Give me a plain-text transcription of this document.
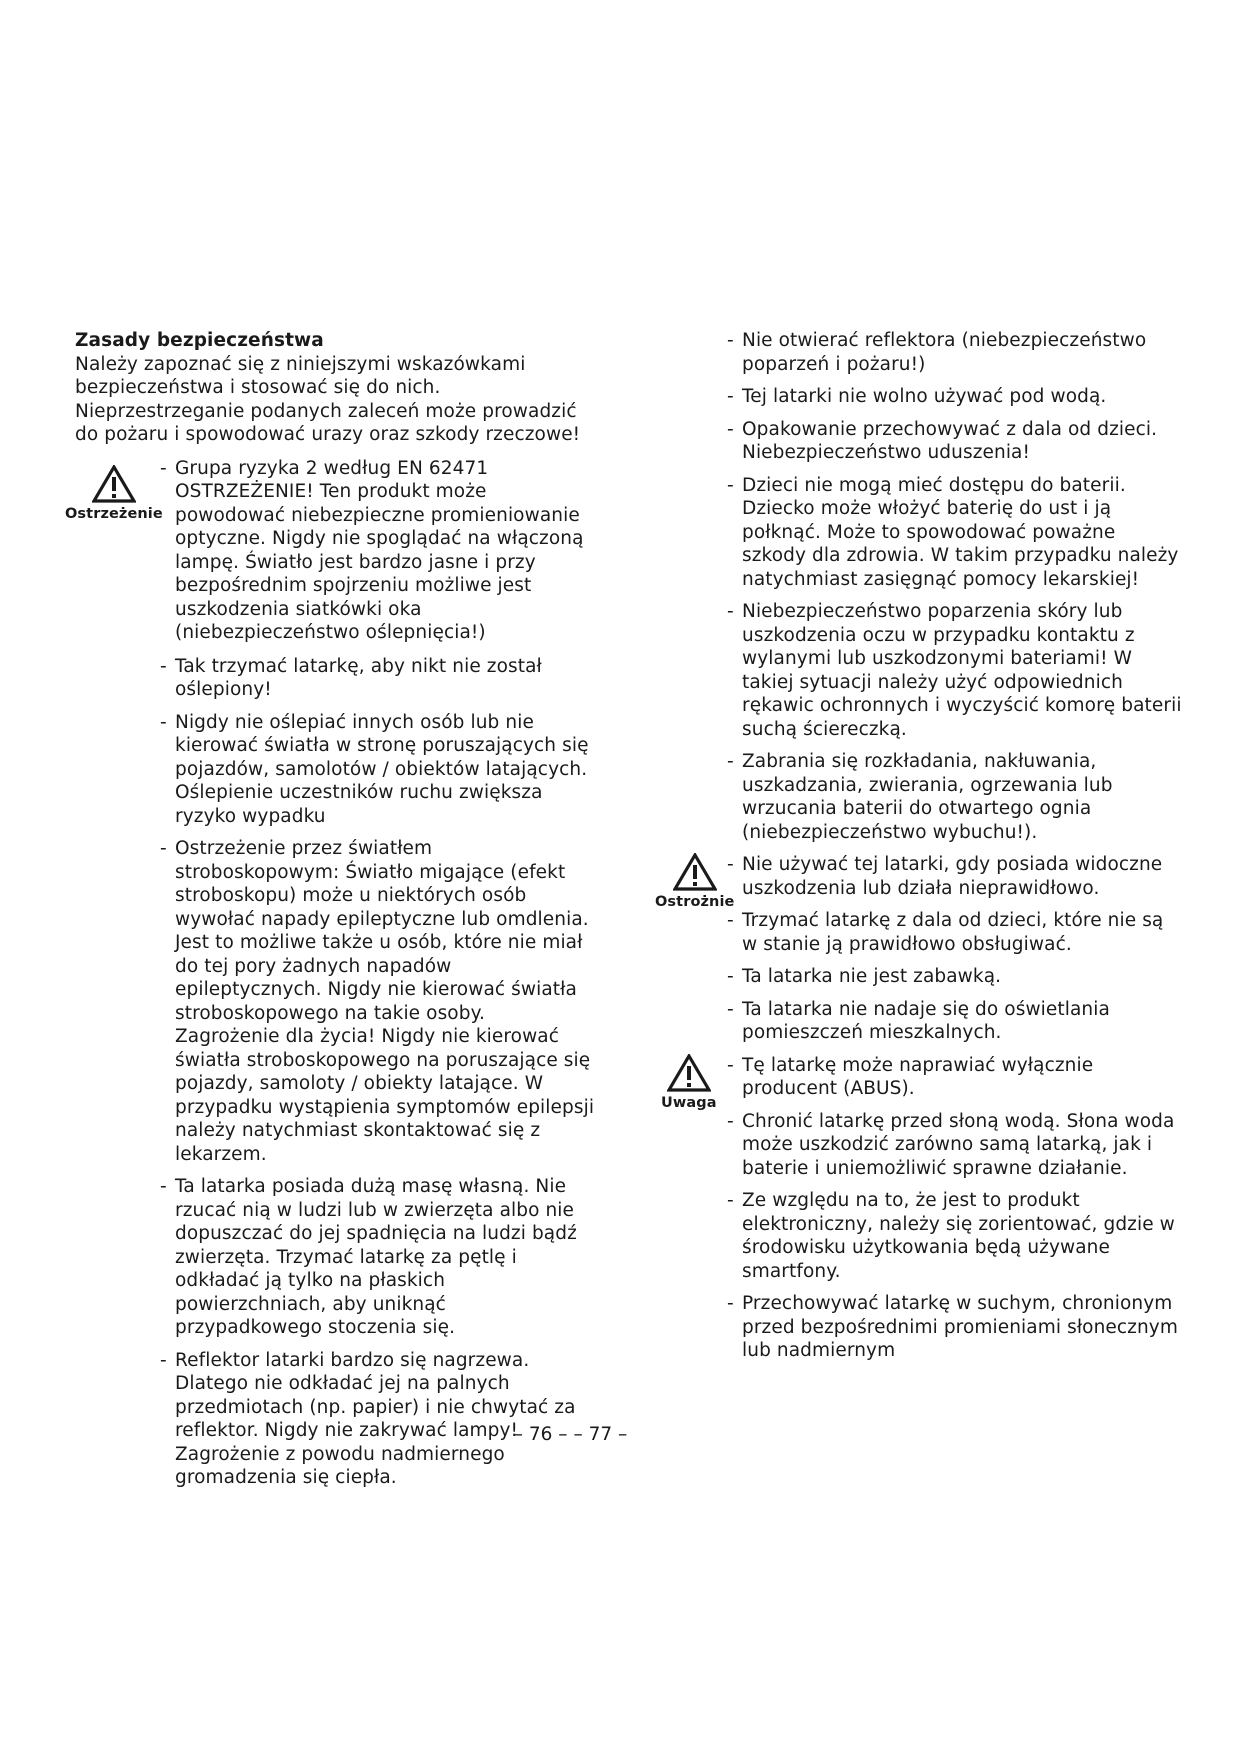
Zasady bezpieczeństwa

Należy zapoznać się z niniejszymi wskazówkami bezpieczeństwa i stosować się do nich. Nieprzestrzeganie podanych zaleceń może prowadzić do pożaru i spowodować urazy oraz szkody rzeczowe!

Ostrzeżenie

- Grupa ryzyka 2 według EN 62471 OSTRZEŻENIE! Ten produkt może powodować niebezpieczne promieniowanie optyczne. Nigdy nie spoglądać na włączoną lampę. Światło jest bardzo jasne i przy bezpośrednim spojrzeniu możliwe jest uszkodzenia siatkówki oka (niebezpieczeństwo oślepnięcia!)

- Tak trzymać latarkę, aby nikt nie został oślepiony!

- Nigdy nie oślepiać innych osób lub nie kierować światła w stronę poruszających się pojazdów, samolotów / obiektów latających. Oślepienie uczestników ruchu zwiększa ryzyko wypadku

- Ostrzeżenie przez światłem stroboskopowym: Światło migające (efekt stroboskopu) może u niektórych osób wywołać napady epileptyczne lub omdlenia. Jest to możliwe także u osób, które nie miał do tej pory żadnych napadów epileptycznych. Nigdy nie kierować światła stroboskopowego na takie osoby. Zagrożenie dla życia! Nigdy nie kierować światła stroboskopowego na poruszające się pojazdy, samoloty / obiekty latające. W przypadku wystąpienia symptomów epilepsji należy natychmiast skontaktować się z lekarzem.

- Ta latarka posiada dużą masę własną. Nie rzucać nią w ludzi lub w zwierzęta albo nie dopuszczać do jej spadnięcia na ludzi bądź zwierzęta. Trzymać latarkę za pętlę i odkładać ją tylko na płaskich powierzchniach, aby uniknąć przypadkowego stoczenia się.

- Reflektor latarki bardzo się nagrzewa. Dlatego nie odkładać jej na palnych przedmiotach (np. papier) i nie chwytać za reflektor. Nigdy nie zakrywać lampy! Zagrożenie z powodu nadmiernego gromadzenia się ciepła.

- Nie otwierać reflektora (niebezpieczeństwo poparzeń i pożaru!)

- Tej latarki nie wolno używać pod wodą.

- Opakowanie przechowywać z dala od dzieci. Niebezpieczeństwo uduszenia!

- Dzieci nie mogą mieć dostępu do baterii. Dziecko może włożyć baterię do ust i ją połknąć. Może to spowodować poważne szkody dla zdrowia. W takim przypadku należy natychmiast zasięgnąć pomocy lekarskiej!

- Niebezpieczeństwo poparzenia skóry lub uszkodzenia oczu w przypadku kontaktu z wylanymi lub uszkodzonymi bateriami! W takiej sytuacji należy użyć odpowiednich rękawic ochronnych i wyczyścić komorę baterii suchą ściereczką.

- Zabrania się rozkładania, nakłuwania, uszkadzania, zwierania, ogrzewania lub wrzucania baterii do otwartego ognia (niebezpieczeństwo wybuchu!).

Ostrożnie

- Nie używać tej latarki, gdy posiada widoczne uszkodzenia lub działa nieprawidłowo.

- Trzymać latarkę z dala od dzieci, które nie są w stanie ją prawidłowo obsługiwać.

- Ta latarka nie jest zabawką.

- Ta latarka nie nadaje się do oświetlania pomieszczeń mieszkalnych.

Uwaga

- Tę latarkę może naprawiać wyłącznie producent (ABUS).

- Chronić latarkę przed słoną wodą. Słona woda może uszkodzić zarówno samą latarką, jak i baterie i uniemożliwić sprawne działanie.

- Ze względu na to, że jest to produkt elektroniczny, należy się zorientować, gdzie w środowisku użytkowania będą używane smartfony.

- Przechowywać latarkę w suchym, chronionym przed bezpośrednimi promieniami słonecznym lub nadmiernym

– 76 – – 77 –
